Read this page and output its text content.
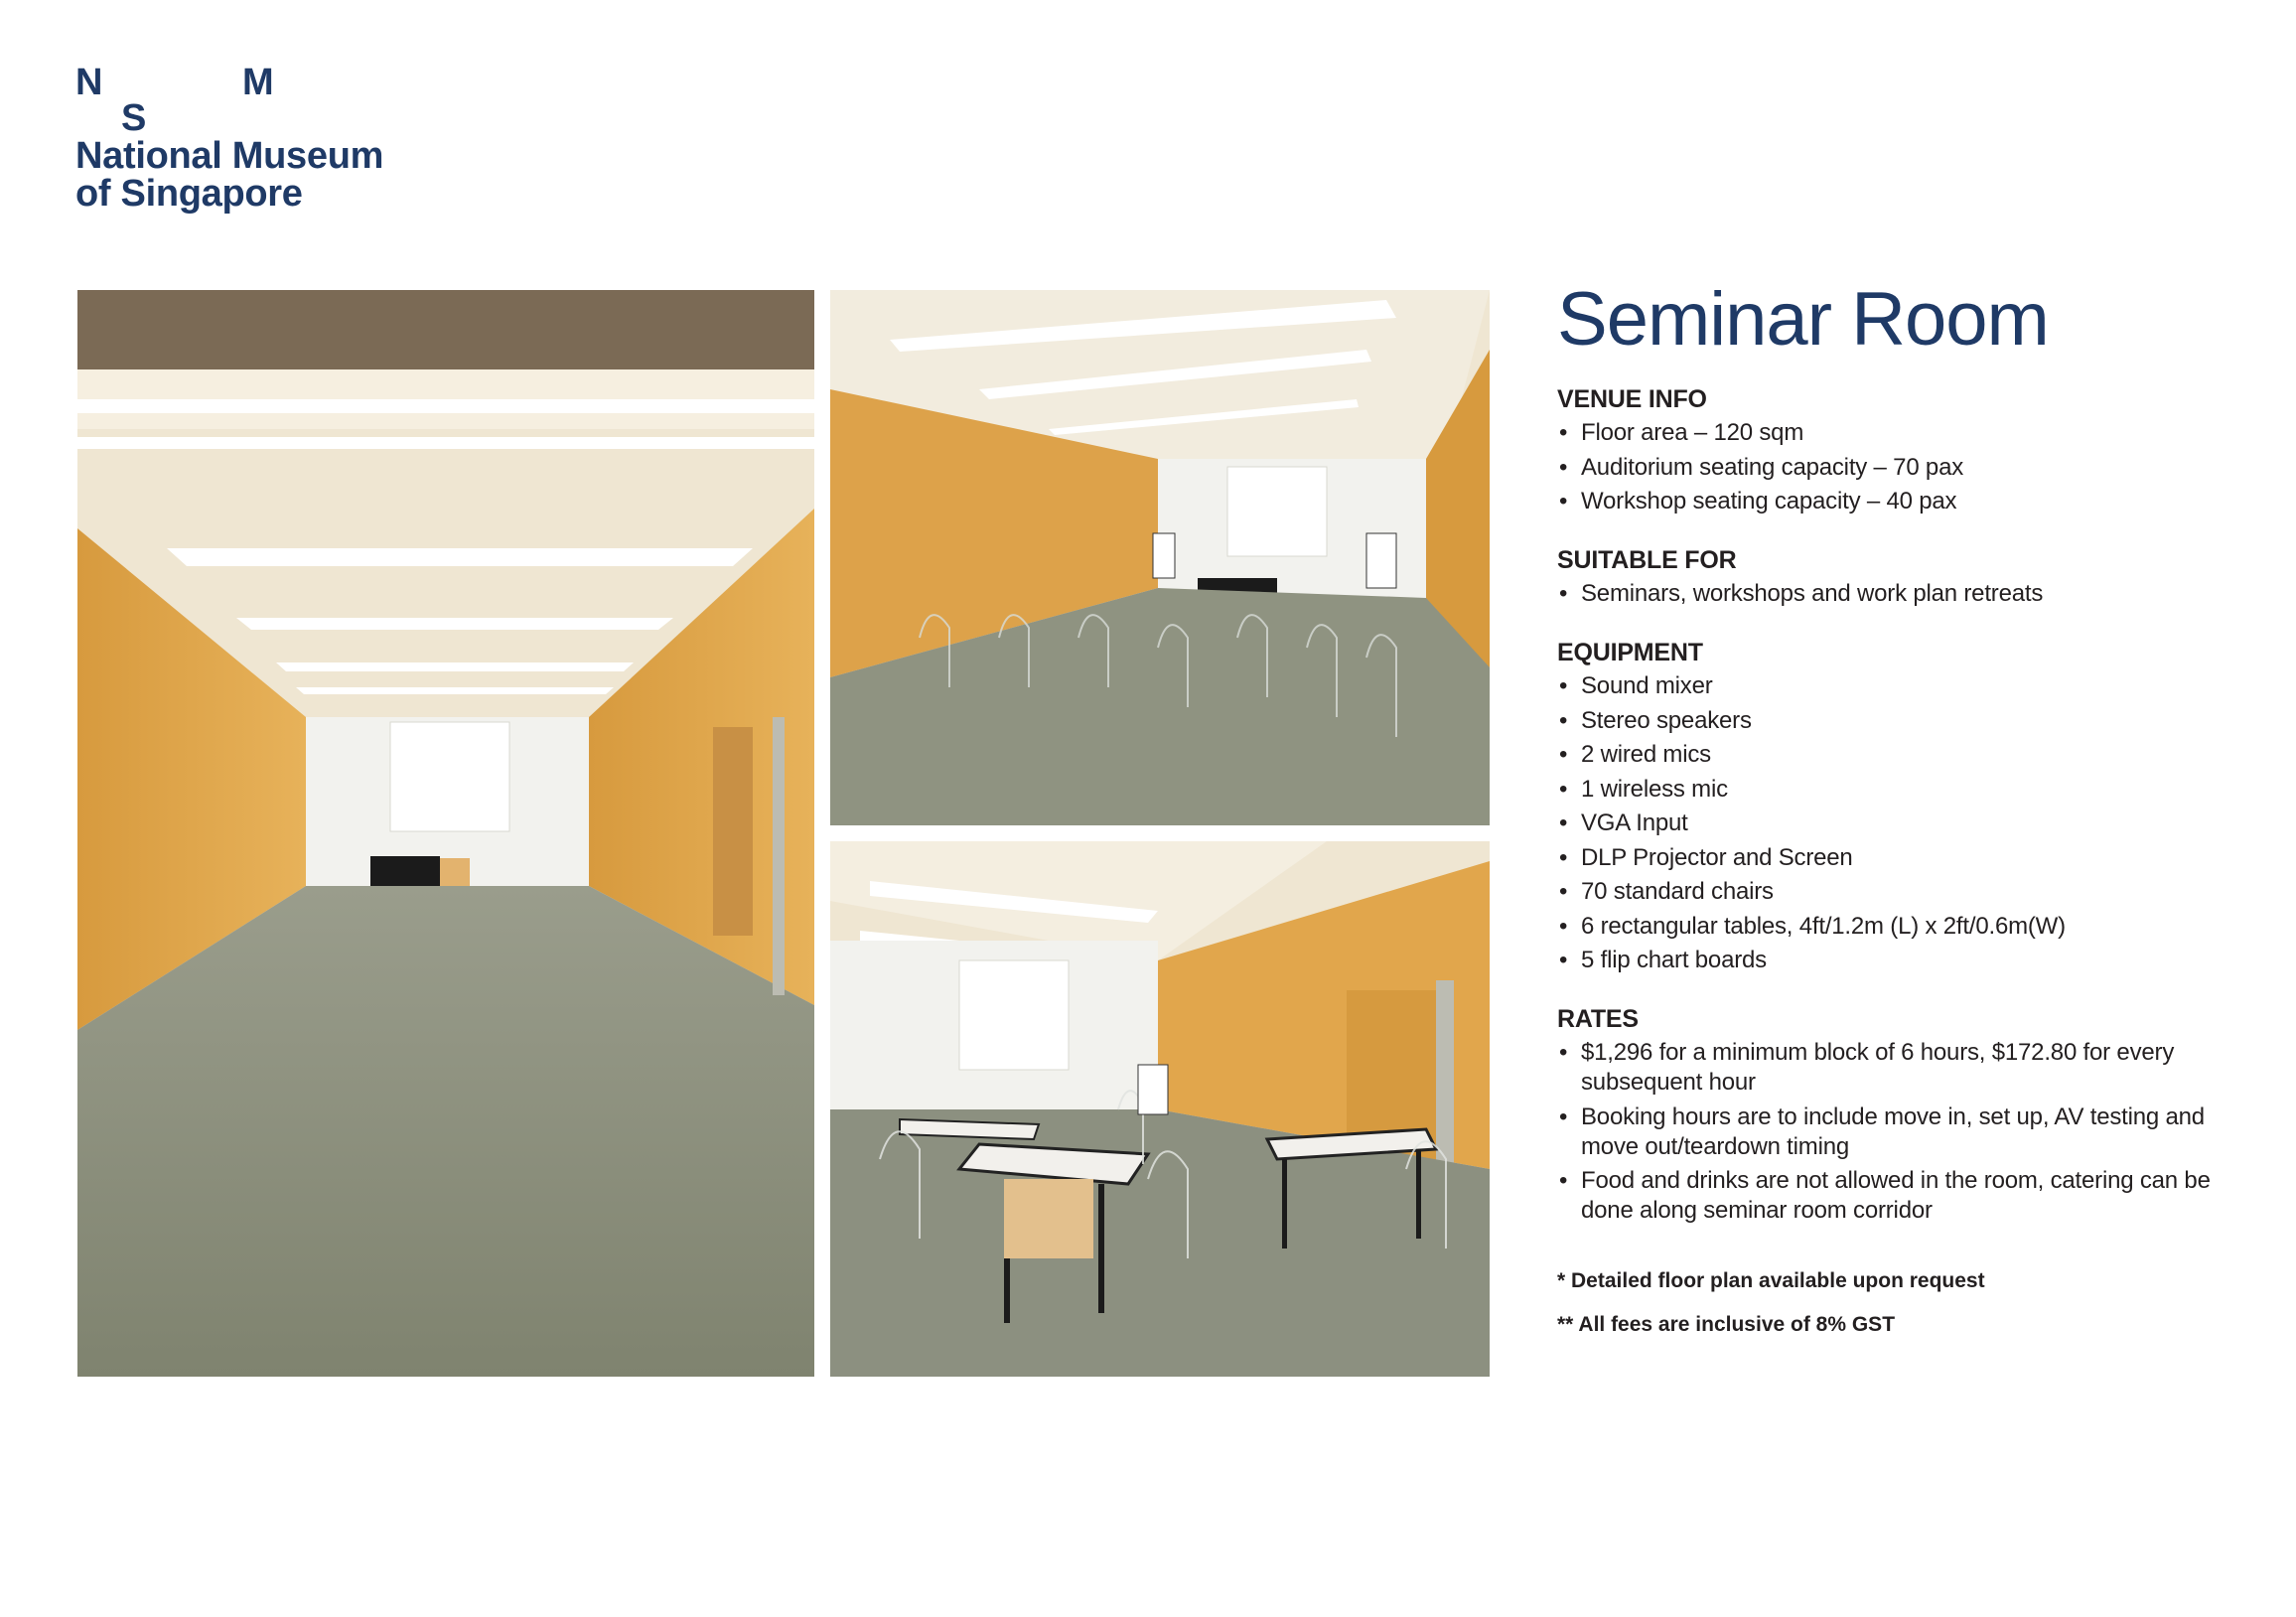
N
S
M
National Museum
of Singapore
Seminar Room
VENUE INFO
• Floor area – 120 sqm
• Auditorium seating capacity – 70 pax
• Workshop seating capacity – 40 pax
SUITABLE FOR
• Seminars, workshops and work plan retreats
EQUIPMENT
• Sound mixer
• Stereo speakers
• 2 wired mics
• 1 wireless mic
• VGA Input
• DLP Projector and Screen
• 70 standard chairs
• 6 rectangular tables, 4ft/1.2m (L) x 2ft/0.6m(W)
• 5 flip chart boards
RATES
• $1,296 for a minimum block of 6 hours, $172.80 for every subsequent hour
• Booking hours are to include move in, set up, AV testing and move out/teardown timing
• Food and drinks are not allowed in the room, catering can be done along seminar room corridor

* Detailed floor plan available upon request

** All fees are inclusive of 8% GST
